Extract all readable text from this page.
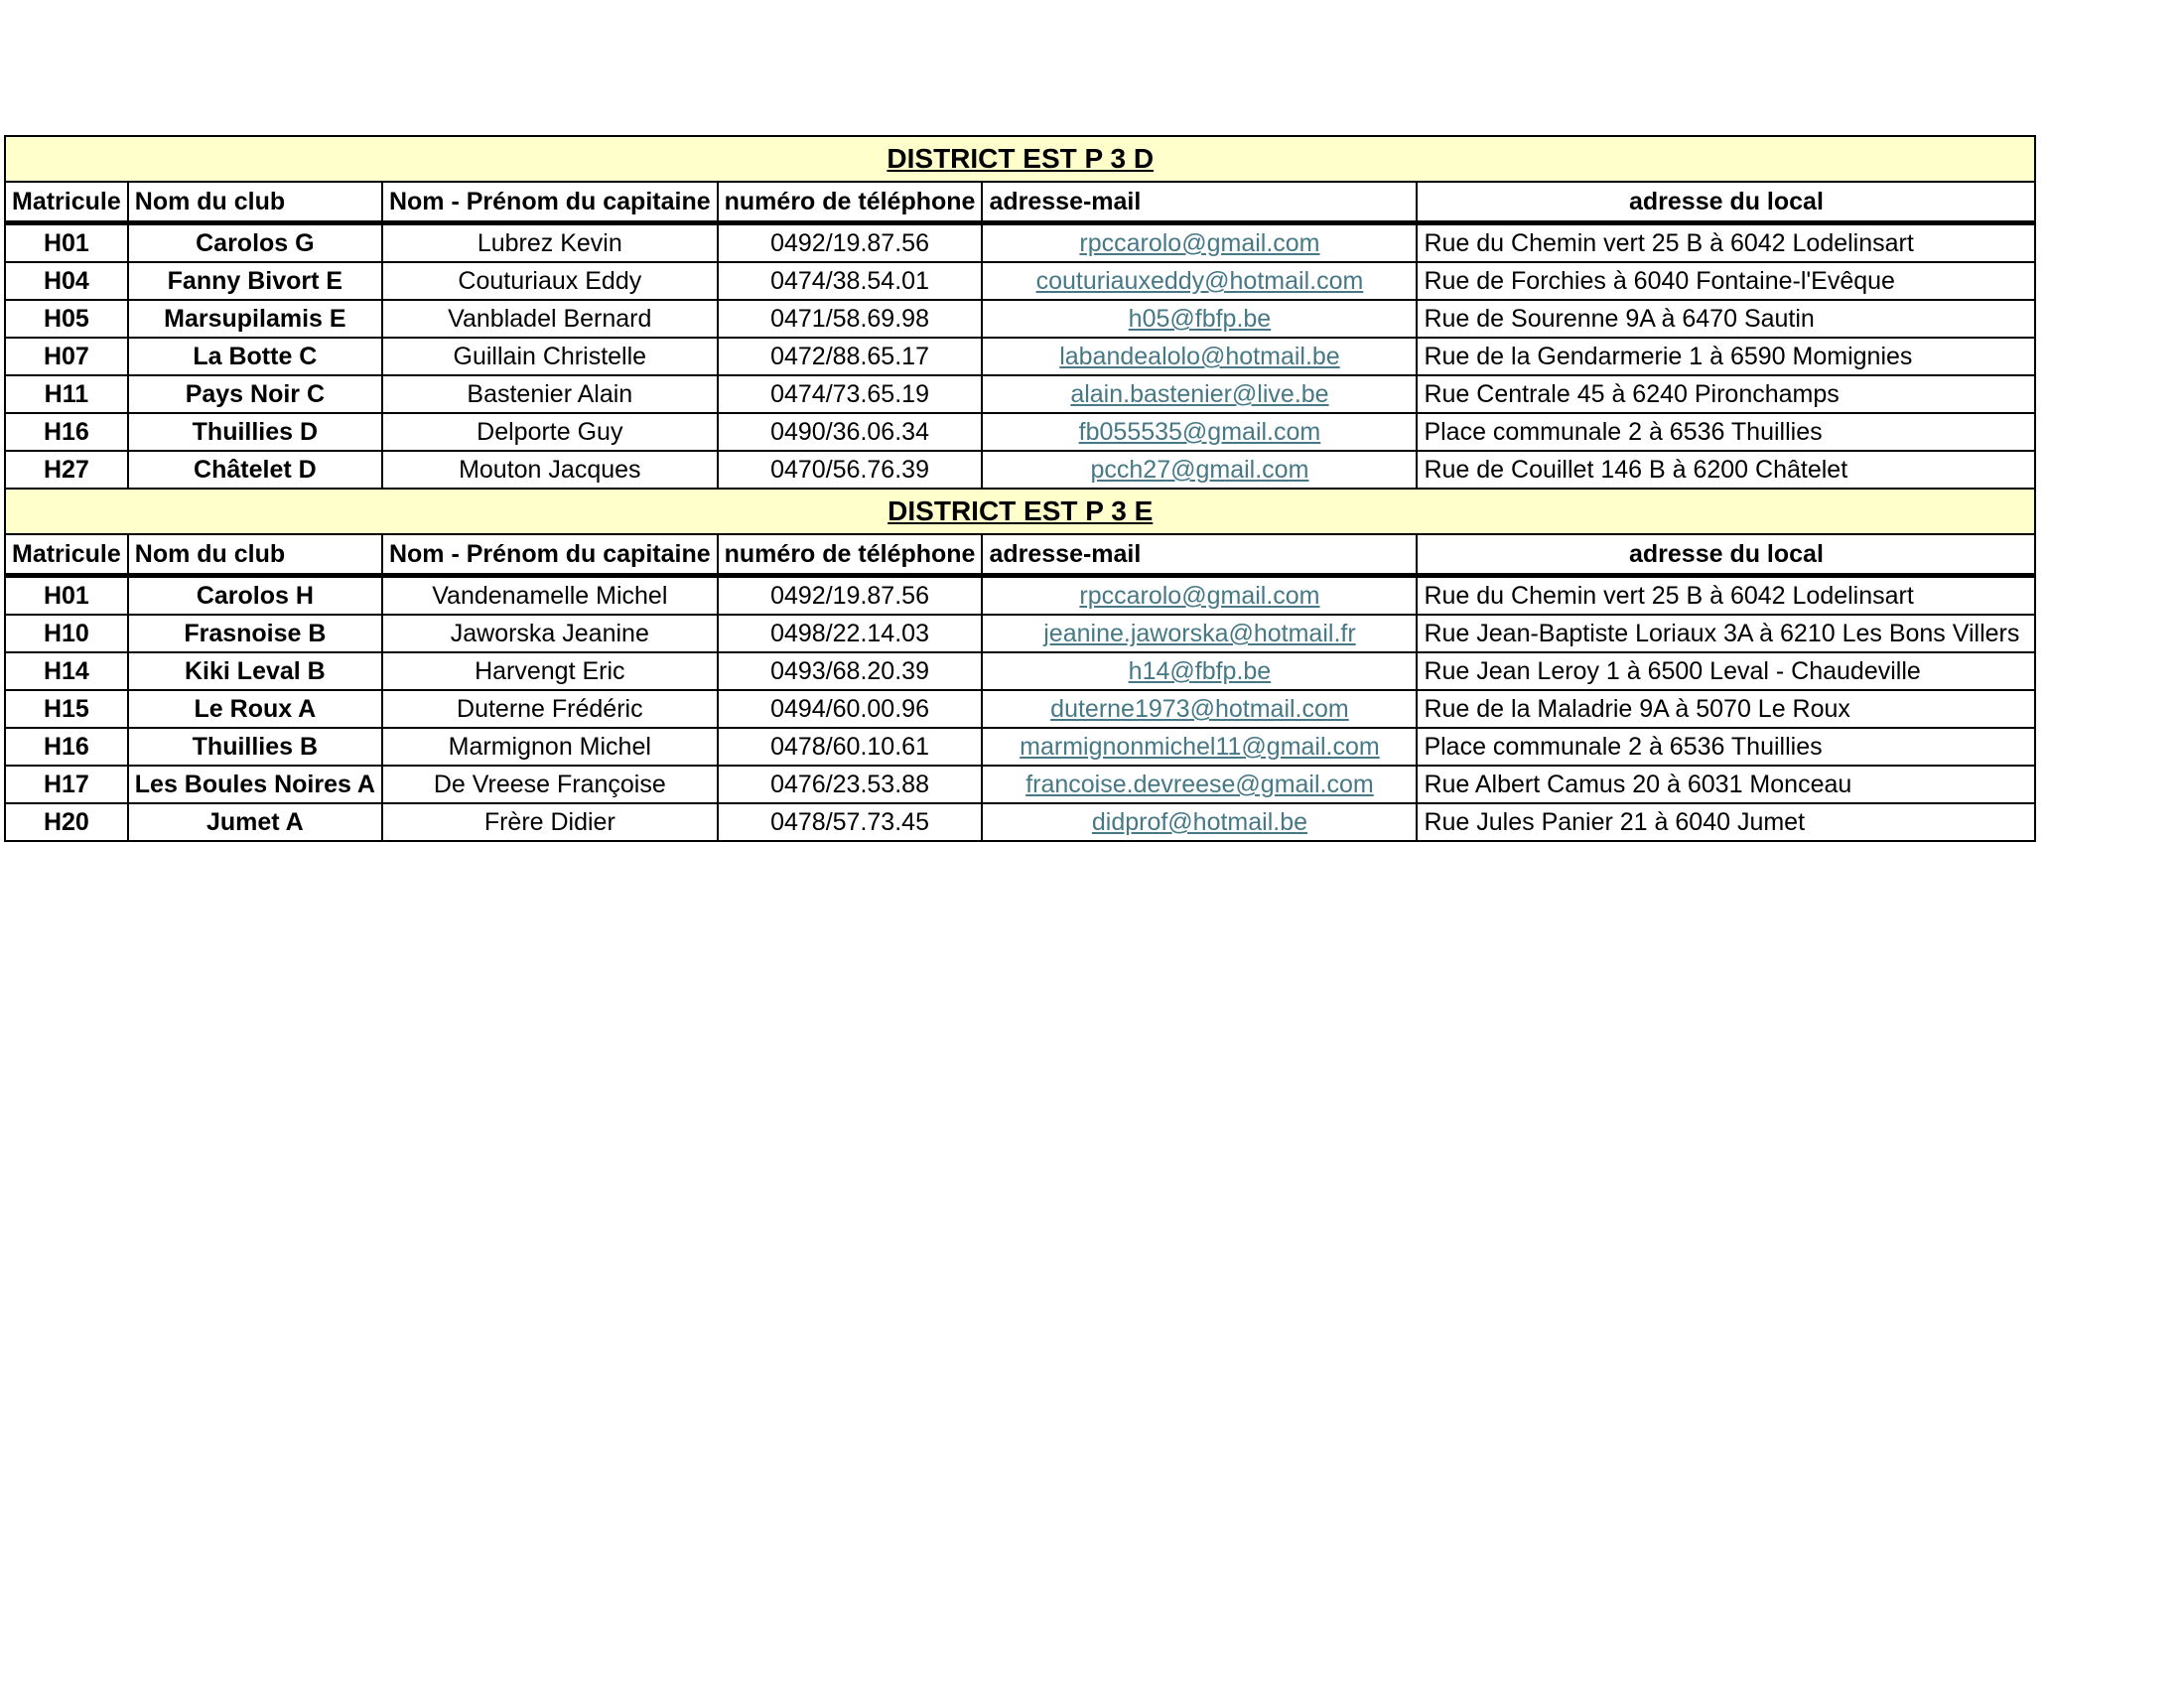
DISTRICT EST P 3 D					
Matricule	Nom du club	Nom - Prénom du capitaine	numéro de téléphone	adresse-mail	adresse du local
H01	Carolos G	Lubrez Kevin	0492/19.87.56	rpccarolo@gmail.com	Rue du Chemin vert 25 B à 6042 Lodelinsart
H04	Fanny Bivort E	Couturiaux Eddy	0474/38.54.01	couturiauxeddy@hotmail.com	Rue de Forchies à 6040 Fontaine-l'Evêque
H05	Marsupilamis E	Vanbladel Bernard	0471/58.69.98	h05@fbfp.be	Rue de Sourenne 9A à 6470 Sautin
H07	La Botte C	Guillain Christelle	0472/88.65.17	labandealolo@hotmail.be	Rue de la Gendarmerie 1 à 6590 Momignies
H11	Pays Noir C	Bastenier Alain	0474/73.65.19	alain.bastenier@live.be	Rue Centrale 45 à 6240 Pironchamps
H16	Thuillies D	Delporte Guy	0490/36.06.34	fb055535@gmail.com	Place communale 2 à 6536 Thuillies
H27	Châtelet D	Mouton Jacques	0470/56.76.39	pcch27@gmail.com	Rue de Couillet 146 B à 6200 Châtelet
DISTRICT EST P 3 E					
Matricule	Nom du club	Nom - Prénom du capitaine	numéro de téléphone	adresse-mail	adresse du local
H01	Carolos H	Vandenamelle Michel	0492/19.87.56	rpccarolo@gmail.com	Rue du Chemin vert 25 B à 6042 Lodelinsart
H10	Frasnoise B	Jaworska Jeanine	0498/22.14.03	jeanine.jaworska@hotmail.fr	Rue Jean-Baptiste Loriaux 3A à 6210 Les Bons Villers
H14	Kiki Leval B	Harvengt Eric	0493/68.20.39	h14@fbfp.be	Rue Jean Leroy 1 à 6500 Leval - Chaudeville
H15	Le Roux A	Duterne Frédéric	0494/60.00.96	duterne1973@hotmail.com	Rue de la Maladrie 9A à 5070 Le Roux
H16	Thuillies B	Marmignon Michel	0478/60.10.61	marmignonmichel11@gmail.com	Place communale 2 à 6536 Thuillies
H17	Les Boules Noires A	De Vreese Françoise	0476/23.53.88	francoise.devreese@gmail.com	Rue Albert Camus 20 à 6031 Monceau
H20	Jumet A	Frère Didier	0478/57.73.45	didprof@hotmail.be	Rue Jules Panier 21 à 6040 Jumet
